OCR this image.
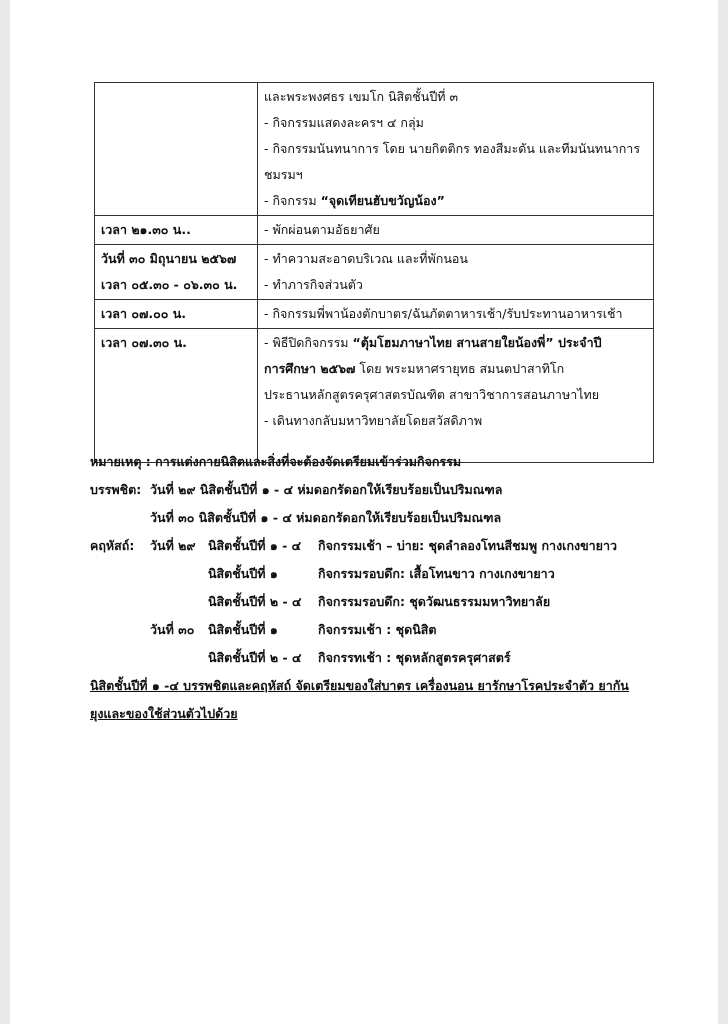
	และพระพงศธร เขมโก นิสิตชั้นปีที่ ๓
- กิจกรรมแสดงละครฯ ๔ กลุ่ม
- กิจกรรมนันทนาการ โดย นายกิตติกร ทองสีมะดัน และทีมนันทนาการ
ชมรมฯ
- กิจกรรม “จุดเทียนฮับขวัญน้อง”

เวลา ๒๑.๓๐ น..	- พักผ่อนตามอัธยาศัย

วันที่ ๓๐ มิถุนายน ๒๕๖๗
เวลา ๐๕.๓๐ - ๐๖.๓๐ น.	- ทำความสะอาดบริเวณ และที่พักนอน
- ทำภารกิจส่วนตัว

เวลา ๐๗.๐๐ น.	- กิจกรรมพี่พาน้องตักบาตร/ฉันภัตตาหารเช้า/รับประทานอาหารเช้า

เวลา ๐๗.๓๐ น.	- พิธีปิดกิจกรรม “ตุ้มโฮมภาษาไทย สานสายใยน้องพี่” ประจำปี
การศึกษา ๒๕๖๗ โดย พระมหาศรายุทธ สมนตปาสาทิโก
ประธานหลักสูตรครุศาสตรบัณฑิต สาขาวิชาการสอนภาษาไทย
- เดินทางกลับมหาวิทยาลัยโดยสวัสดิภาพ
หมายเหตุ : การแต่งกายนิสิตและสิ่งที่จะต้องจัดเตรียมเข้าร่วมกิจกรรม
บรรพชิต: วันที่ ๒๙ นิสิตชั้นปีที่ ๑ - ๔ ห่มดอกรัดอกให้เรียบร้อยเป็นปริมณฑล
วันที่ ๓๐ นิสิตชั้นปีที่ ๑ - ๔ ห่มดอกรัดอกให้เรียบร้อยเป็นปริมณฑล
คฤหัสถ์: วันที่ ๒๙ นิสิตชั้นปีที่ ๑ - ๔ กิจกรรมเช้า – บ่าย: ชุดลำลองโทนสีชมพู กางเกงขายาว
นิสิตชั้นปีที่ ๑	กิจกรรมรอบดึก: เสื้อโทนขาว กางเกงขายาว
นิสิตชั้นปีที่ ๒ - ๔ กิจกรรมรอบดึก: ชุดวัฒนธรรมมหาวิทยาลัย
วันที่ ๓๐ นิสิตชั้นปีที่ ๑	กิจกรรมเช้า : ชุดนิสิต
นิสิตชั้นปีที่ ๒ - ๔ กิจกรรทเช้า : ชุดหลักสูตรครุศาสตร์
นิสิตชั้นปีที่ ๑ -๔ บรรพชิตและคฤหัสถ์ จัดเตรียมของใส่บาตร เครื่องนอน ยารักษาโรคประจำตัว ยากัน
ยุงและของใช้ส่วนตัวไปด้วย
